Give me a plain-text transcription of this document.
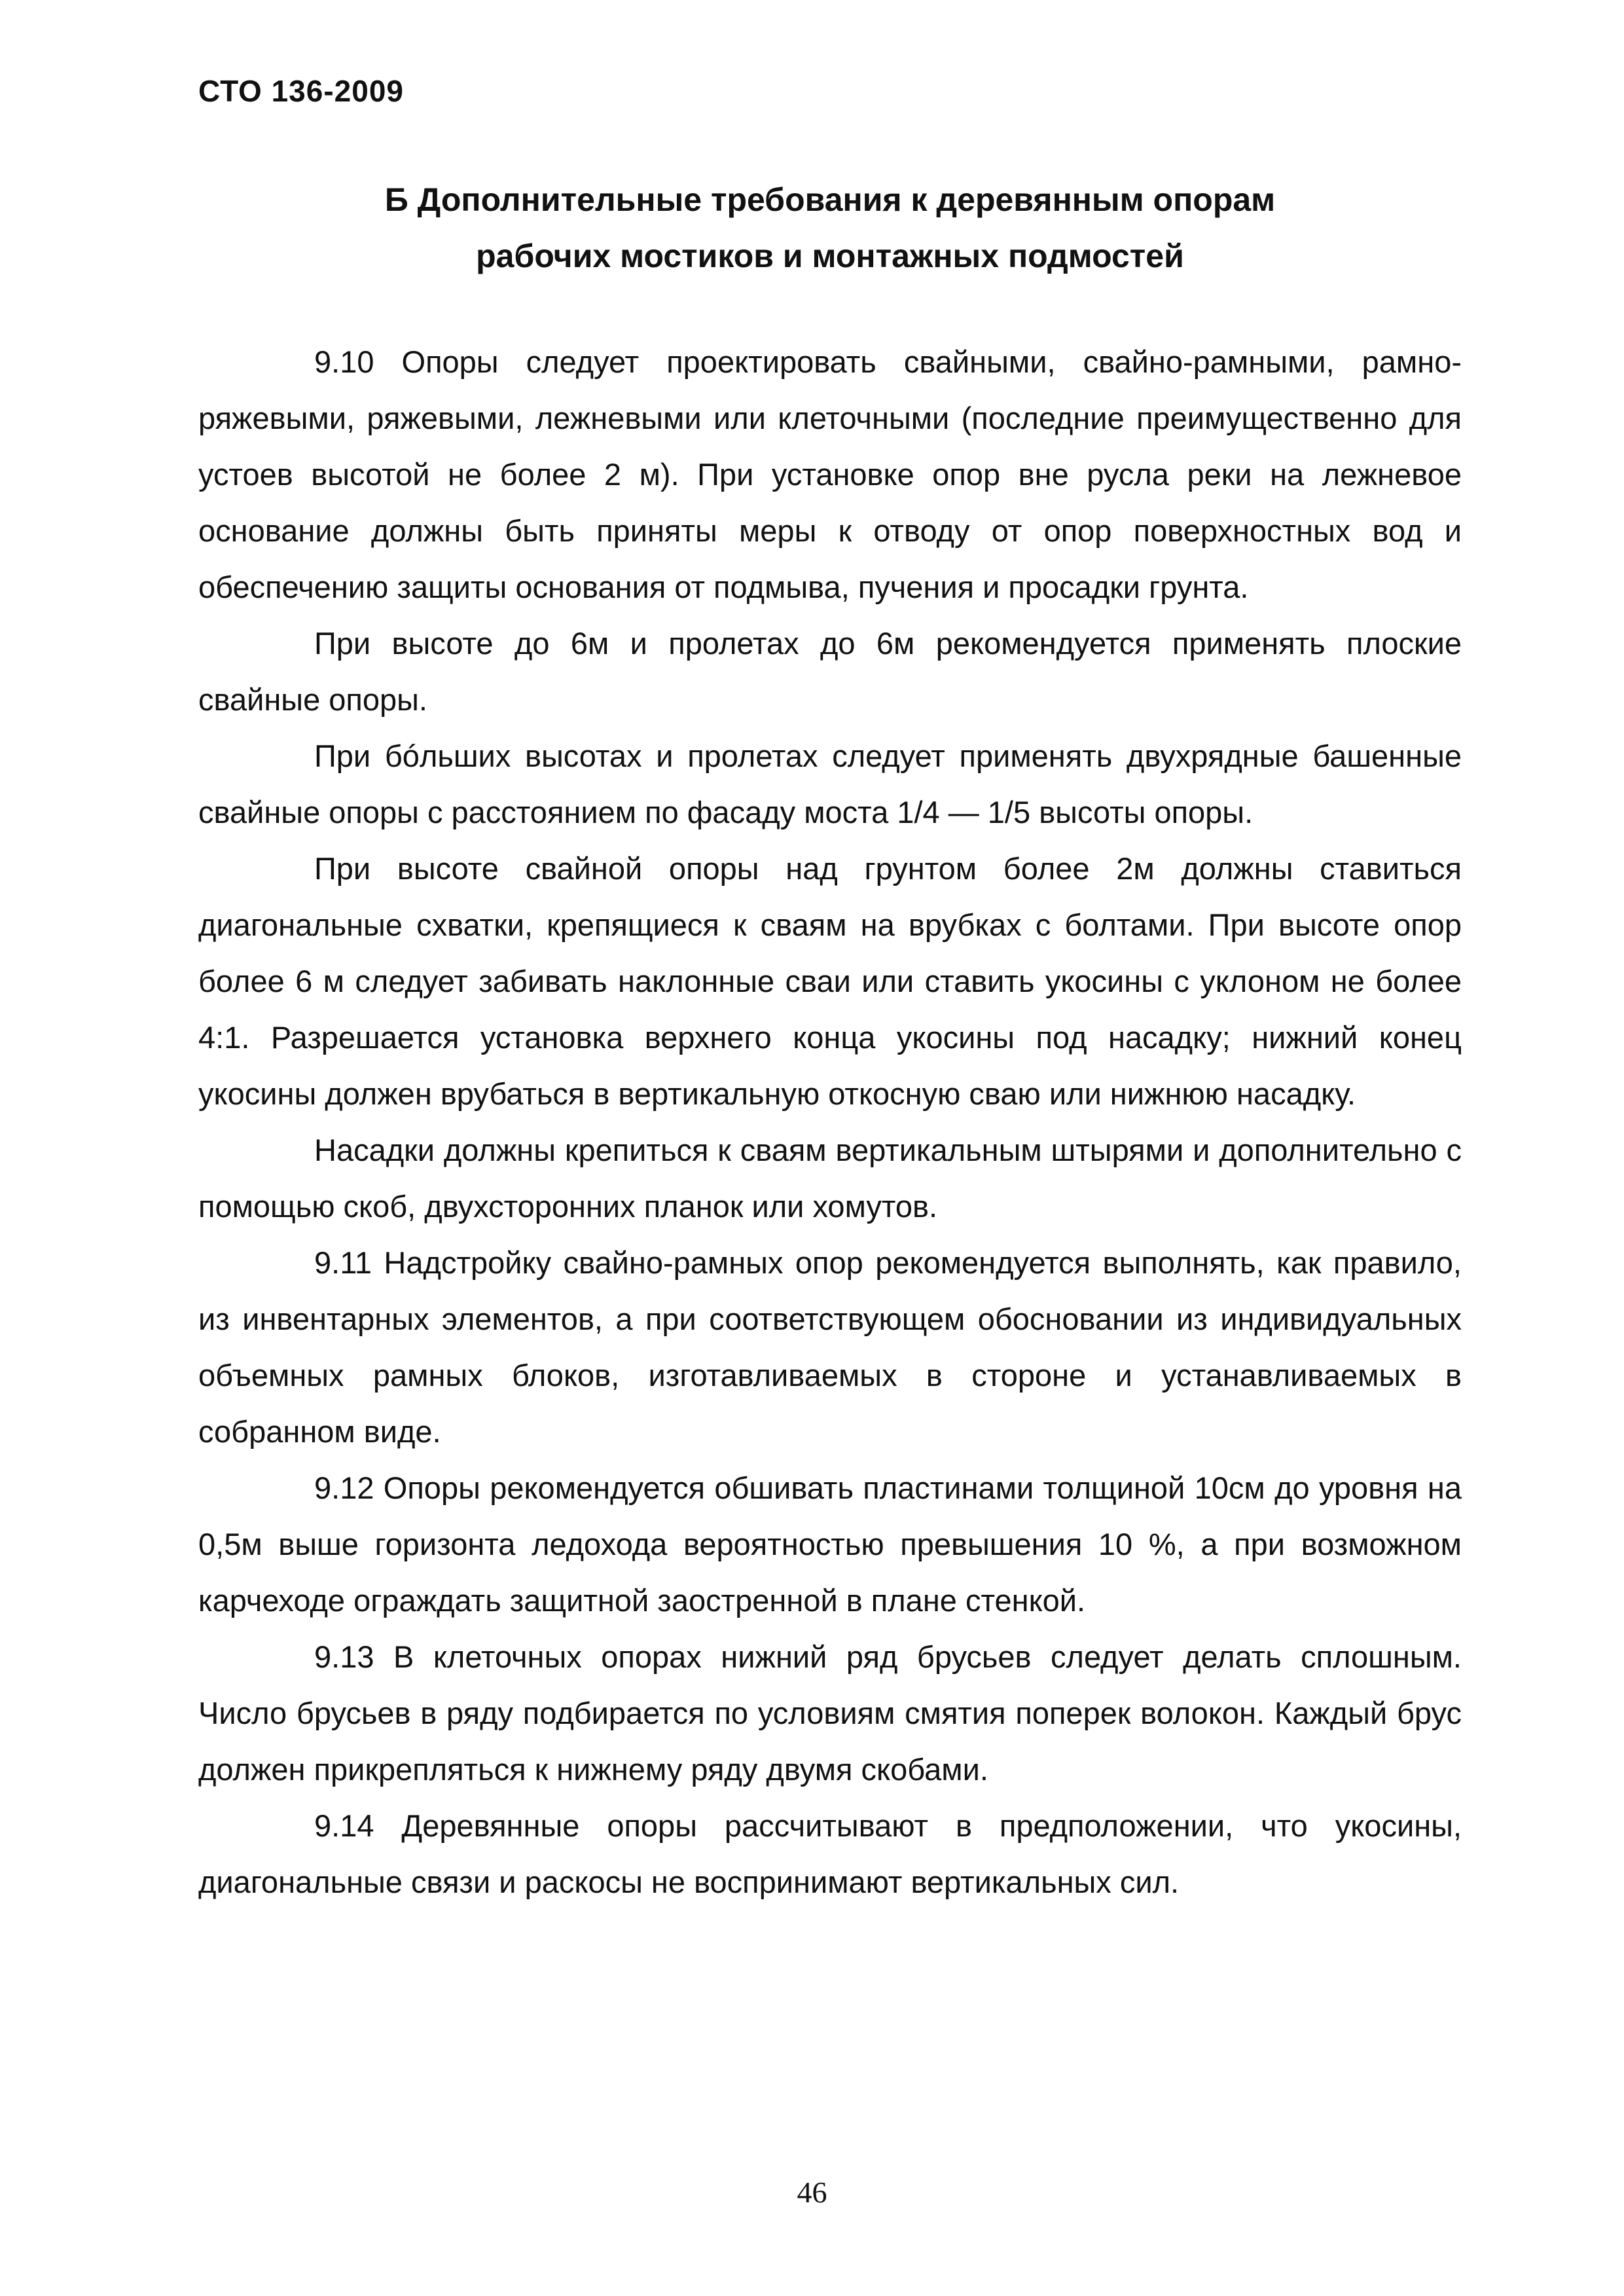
СТО 136-2009
Б Дополнительные требования к деревянным опорам
рабочих мостиков и монтажных подмостей

9.10 Опоры следует проектировать свайными, свайно-рамными, рамно-ряжевыми, ряжевыми, лежневыми или клеточными (последние преимущественно для устоев высотой не более 2 м). При установке опор вне русла реки на лежневое основание должны быть приняты меры к отводу от опор поверхностных вод и обеспечению защиты основания от подмыва, пучения и просадки грунта.

При высоте до 6м и пролетах до 6м рекомендуется применять плоские свайные опоры.

При бóльших высотах и пролетах следует применять двухрядные башенные свайные опоры с расстоянием по фасаду моста 1/4 — 1/5 высоты опоры.

При высоте свайной опоры над грунтом более 2м должны ставиться диагональные схватки, крепящиеся к сваям на врубках с болтами. При высоте опор более 6 м следует забивать наклонные сваи или ставить укосины с уклоном не более 4:1. Разрешается установка верхнего конца укосины под насадку; нижний конец укосины должен врубаться в вертикальную откосную сваю или нижнюю насадку.

Насадки должны крепиться к сваям вертикальным штырями и дополнительно с помощью скоб, двухсторонних планок или хомутов.

9.11 Надстройку свайно-рамных опор рекомендуется выполнять, как правило, из инвентарных элементов, а при соответствующем обосновании из индивидуальных объемных рамных блоков, изготавливаемых в стороне и устанавливаемых в собранном виде.

9.12 Опоры рекомендуется обшивать пластинами толщиной 10см до уровня на 0,5м выше горизонта ледохода вероятностью превышения 10 %, а при возможном карчеходе ограждать защитной заостренной в плане стенкой.

9.13 В клеточных опорах нижний ряд брусьев следует делать сплошным. Число брусьев в ряду подбирается по условиям смятия поперек волокон. Каждый брус должен прикрепляться к нижнему ряду двумя скобами.

9.14 Деревянные опоры рассчитывают в предположении, что укосины, диагональные связи и раскосы не воспринимают вертикальных сил.

46
